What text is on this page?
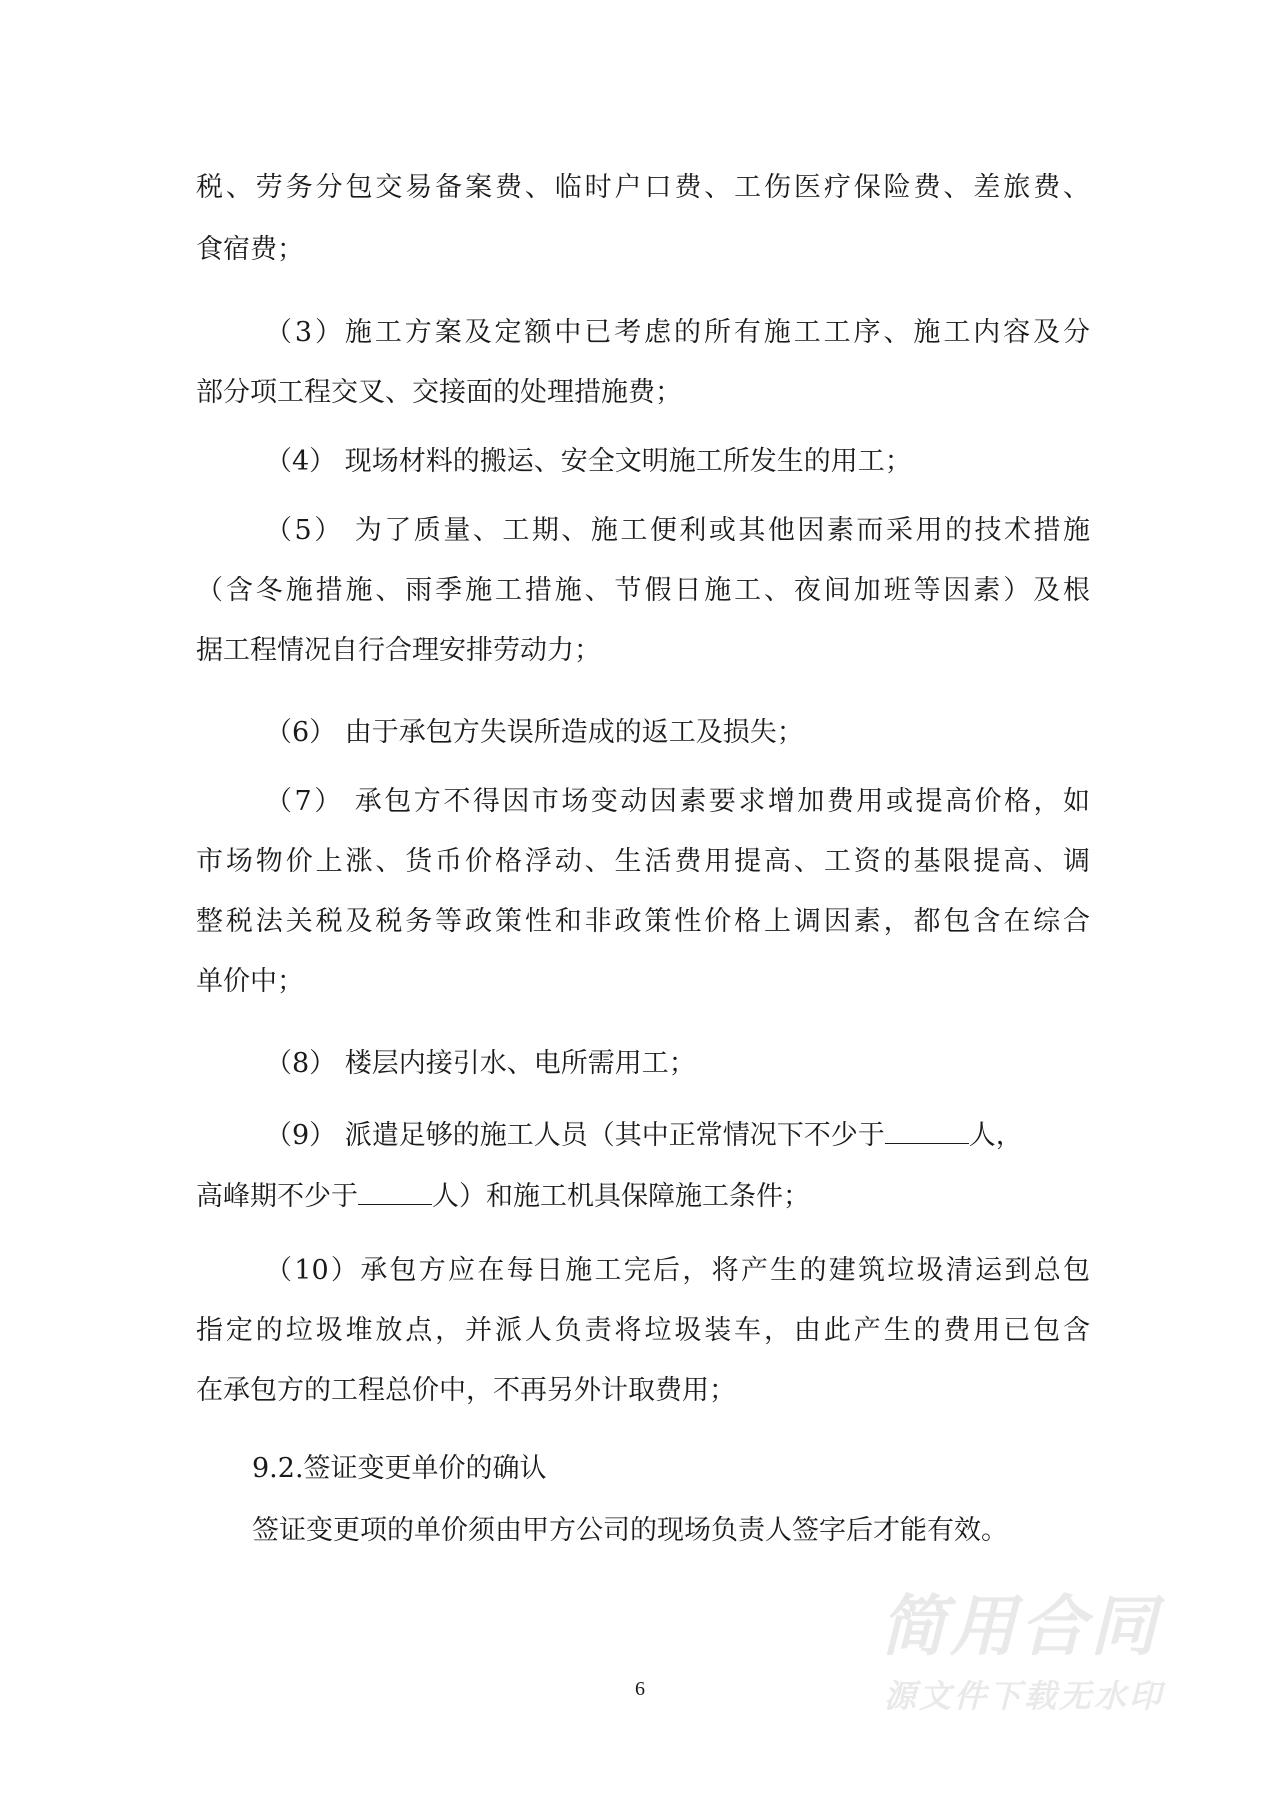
税、劳务分包交易备案费、临时户口费、工伤医疗保险费、差旅费、
食宿费；
（3）施工方案及定额中已考虑的所有施工工序、施工内容及分
部分项工程交叉、交接面的处理措施费；
（4） 现场材料的搬运、安全文明施工所发生的用工；
（5） 为了质量、工期、施工便利或其他因素而采用的技术措施
（含冬施措施、雨季施工措施、节假日施工、夜间加班等因素）及根
据工程情况自行合理安排劳动力；
（6） 由于承包方失误所造成的返工及损失；
（7） 承包方不得因市场变动因素要求增加费用或提高价格，如
市场物价上涨、货币价格浮动、生活费用提高、工资的基限提高、调
整税法关税及税务等政策性和非政策性价格上调因素，都包含在综合
单价中；
（8） 楼层内接引水、电所需用工；
（9） 派遣足够的施工人员（其中正常情况下不少于	人，
高峰期不少于	人）和施工机具保障施工条件；
（10）承包方应在每日施工完后，将产生的建筑垃圾清运到总包
指定的垃圾堆放点，并派人负责将垃圾装车，由此产生的费用已包含
在承包方的工程总价中，不再另外计取费用；
9.2.签证变更单价的确认
签证变更项的单价须由甲方公司的现场负责人签字后才能有效。
6
简用合同
源文件下载无水印
